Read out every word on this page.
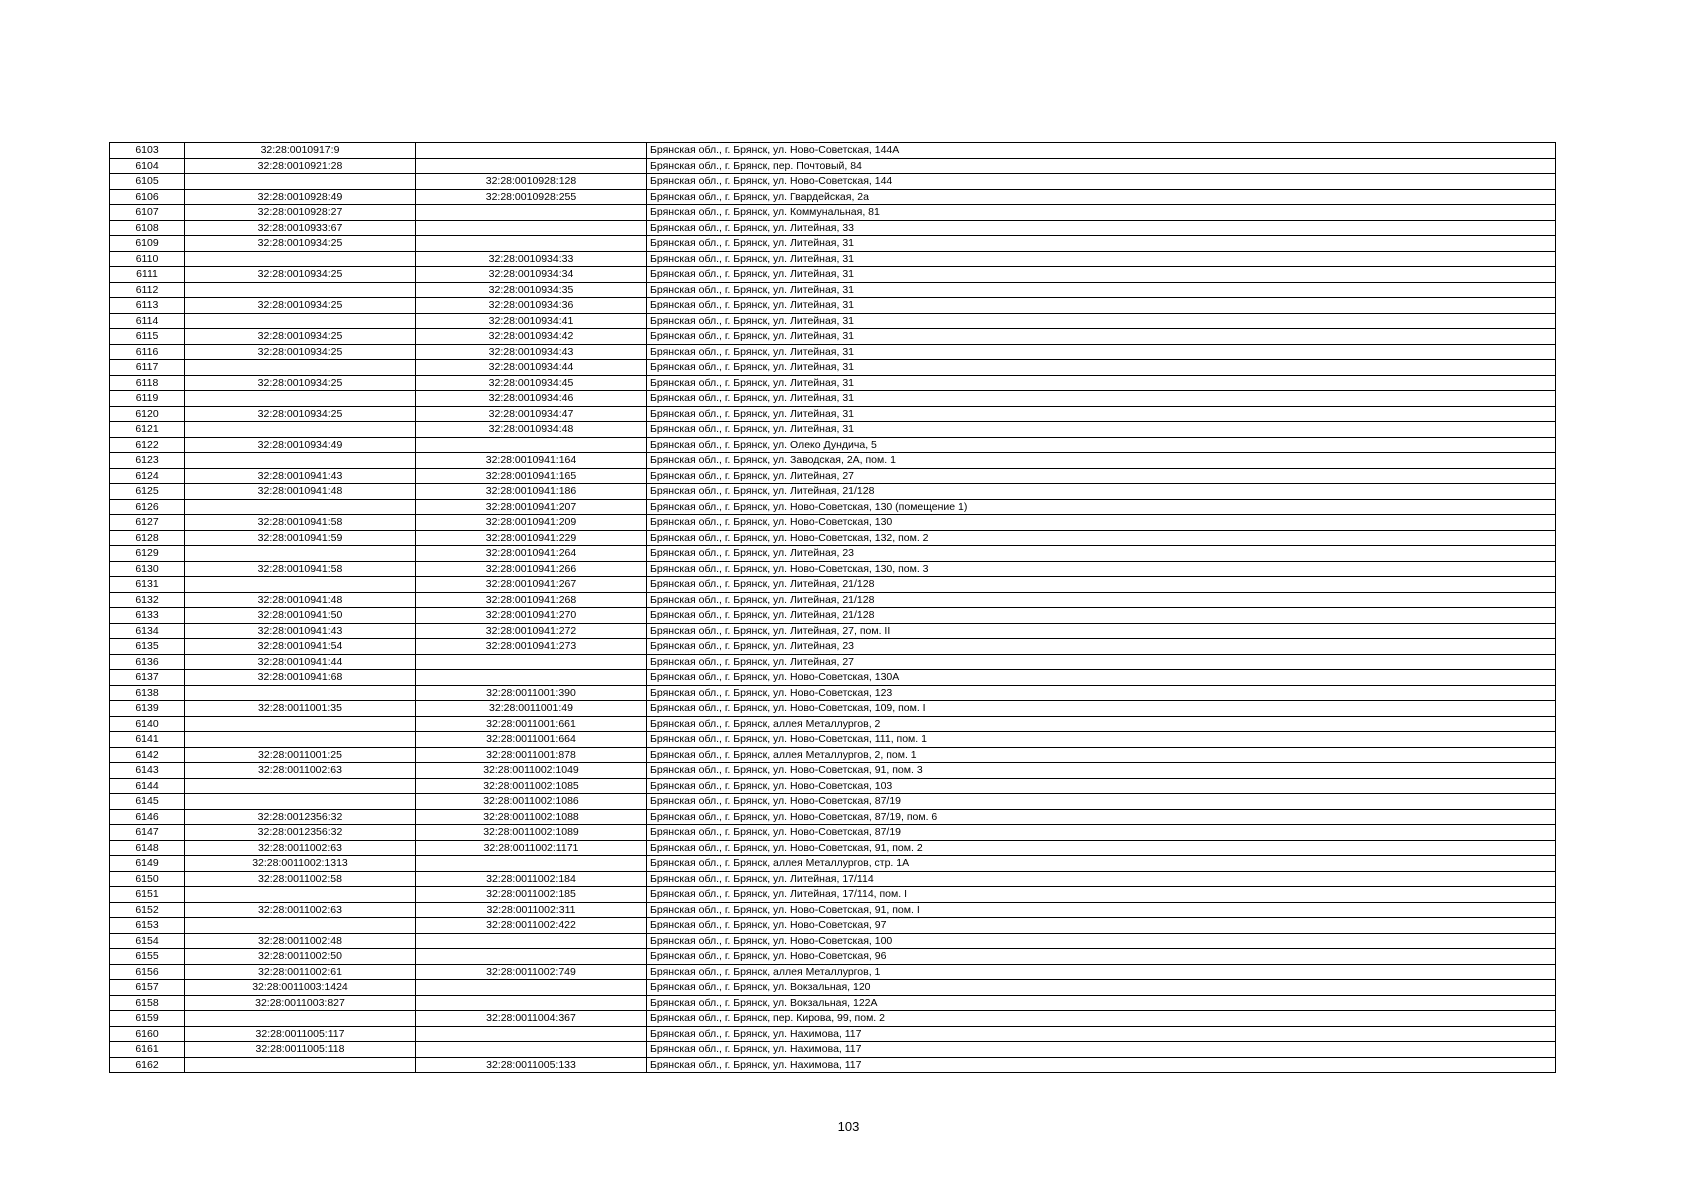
6103	32:28:0010917:9		Брянская обл., г. Брянск, ул. Ново-Советская, 144А
6104	32:28:0010921:28		Брянская обл., г. Брянск, пер. Почтовый, 84
6105		32:28:0010928:128	Брянская обл., г. Брянск, ул. Ново-Советская, 144
6106	32:28:0010928:49	32:28:0010928:255	Брянская обл., г. Брянск, ул. Гвардейская, 2а
6107	32:28:0010928:27		Брянская обл., г. Брянск, ул. Коммунальная, 81
6108	32:28:0010933:67		Брянская обл., г. Брянск, ул. Литейная, 33
6109	32:28:0010934:25		Брянская обл., г. Брянск, ул. Литейная, 31
6110		32:28:0010934:33	Брянская обл., г. Брянск, ул. Литейная, 31
6111	32:28:0010934:25	32:28:0010934:34	Брянская обл., г. Брянск, ул. Литейная, 31
6112		32:28:0010934:35	Брянская обл., г. Брянск, ул. Литейная, 31
6113	32:28:0010934:25	32:28:0010934:36	Брянская обл., г. Брянск, ул. Литейная, 31
6114		32:28:0010934:41	Брянская обл., г. Брянск, ул. Литейная, 31
6115	32:28:0010934:25	32:28:0010934:42	Брянская обл., г. Брянск, ул. Литейная, 31
6116	32:28:0010934:25	32:28:0010934:43	Брянская обл., г. Брянск, ул. Литейная, 31
6117		32:28:0010934:44	Брянская обл., г. Брянск, ул. Литейная, 31
6118	32:28:0010934:25	32:28:0010934:45	Брянская обл., г. Брянск, ул. Литейная, 31
6119		32:28:0010934:46	Брянская обл., г. Брянск, ул. Литейная, 31
6120	32:28:0010934:25	32:28:0010934:47	Брянская обл., г. Брянск, ул. Литейная, 31
6121		32:28:0010934:48	Брянская обл., г. Брянск, ул. Литейная, 31
6122	32:28:0010934:49		Брянская обл., г. Брянск, ул. Олеко Дундича, 5
6123		32:28:0010941:164	Брянская обл., г. Брянск, ул. Заводская, 2А, пом. 1
6124	32:28:0010941:43	32:28:0010941:165	Брянская обл., г. Брянск, ул. Литейная, 27
6125	32:28:0010941:48	32:28:0010941:186	Брянская обл., г. Брянск, ул. Литейная, 21/128
6126		32:28:0010941:207	Брянская обл., г. Брянск, ул. Ново-Советская, 130 (помещение 1)
6127	32:28:0010941:58	32:28:0010941:209	Брянская обл., г. Брянск, ул. Ново-Советская, 130
6128	32:28:0010941:59	32:28:0010941:229	Брянская обл., г. Брянск, ул. Ново-Советская, 132, пом. 2
6129		32:28:0010941:264	Брянская обл., г. Брянск, ул. Литейная, 23
6130	32:28:0010941:58	32:28:0010941:266	Брянская обл., г. Брянск, ул. Ново-Советская, 130, пом. 3
6131		32:28:0010941:267	Брянская обл., г. Брянск, ул. Литейная, 21/128
6132	32:28:0010941:48	32:28:0010941:268	Брянская обл., г. Брянск, ул. Литейная, 21/128
6133	32:28:0010941:50	32:28:0010941:270	Брянская обл., г. Брянск, ул. Литейная, 21/128
6134	32:28:0010941:43	32:28:0010941:272	Брянская обл., г. Брянск, ул. Литейная, 27, пом. II
6135	32:28:0010941:54	32:28:0010941:273	Брянская обл., г. Брянск, ул. Литейная, 23
6136	32:28:0010941:44		Брянская обл., г. Брянск, ул. Литейная, 27
6137	32:28:0010941:68		Брянская обл., г. Брянск, ул. Ново-Советская, 130А
6138		32:28:0011001:390	Брянская обл., г. Брянск, ул. Ново-Советская, 123
6139	32:28:0011001:35	32:28:0011001:49	Брянская обл., г. Брянск, ул. Ново-Советская, 109, пом. I
6140		32:28:0011001:661	Брянская обл., г. Брянск, аллея Металлургов, 2
6141		32:28:0011001:664	Брянская обл., г. Брянск, ул. Ново-Советская, 111, пом. 1
6142	32:28:0011001:25	32:28:0011001:878	Брянская обл., г. Брянск, аллея Металлургов, 2, пом. 1
6143	32:28:0011002:63	32:28:0011002:1049	Брянская обл., г. Брянск, ул. Ново-Советская, 91, пом. 3
6144		32:28:0011002:1085	Брянская обл., г. Брянск, ул. Ново-Советская, 103
6145		32:28:0011002:1086	Брянская обл., г. Брянск, ул. Ново-Советская, 87/19
6146	32:28:0012356:32	32:28:0011002:1088	Брянская обл., г. Брянск, ул. Ново-Советская, 87/19, пом. 6
6147	32:28:0012356:32	32:28:0011002:1089	Брянская обл., г. Брянск, ул. Ново-Советская, 87/19
6148	32:28:0011002:63	32:28:0011002:1171	Брянская обл., г. Брянск, ул. Ново-Советская, 91, пом. 2
6149	32:28:0011002:1313		Брянская обл., г. Брянск, аллея Металлургов, стр. 1А
6150	32:28:0011002:58	32:28:0011002:184	Брянская обл., г. Брянск, ул. Литейная, 17/114
6151		32:28:0011002:185	Брянская обл., г. Брянск, ул. Литейная, 17/114, пом. I
6152	32:28:0011002:63	32:28:0011002:311	Брянская обл., г. Брянск, ул. Ново-Советская, 91, пом. I
6153		32:28:0011002:422	Брянская обл., г. Брянск, ул. Ново-Советская, 97
6154	32:28:0011002:48		Брянская обл., г. Брянск, ул. Ново-Советская, 100
6155	32:28:0011002:50		Брянская обл., г. Брянск, ул. Ново-Советская, 96
6156	32:28:0011002:61	32:28:0011002:749	Брянская обл., г. Брянск, аллея Металлургов, 1
6157	32:28:0011003:1424		Брянская обл., г. Брянск, ул. Вокзальная, 120
6158	32:28:0011003:827		Брянская обл., г. Брянск, ул. Вокзальная, 122А
6159		32:28:0011004:367	Брянская обл., г. Брянск, пер. Кирова, 99, пом. 2
6160	32:28:0011005:117		Брянская обл., г. Брянск, ул. Нахимова, 117
6161	32:28:0011005:118		Брянская обл., г. Брянск, ул. Нахимова, 117
6162		32:28:0011005:133	Брянская обл., г. Брянск, ул. Нахимова, 117
103
